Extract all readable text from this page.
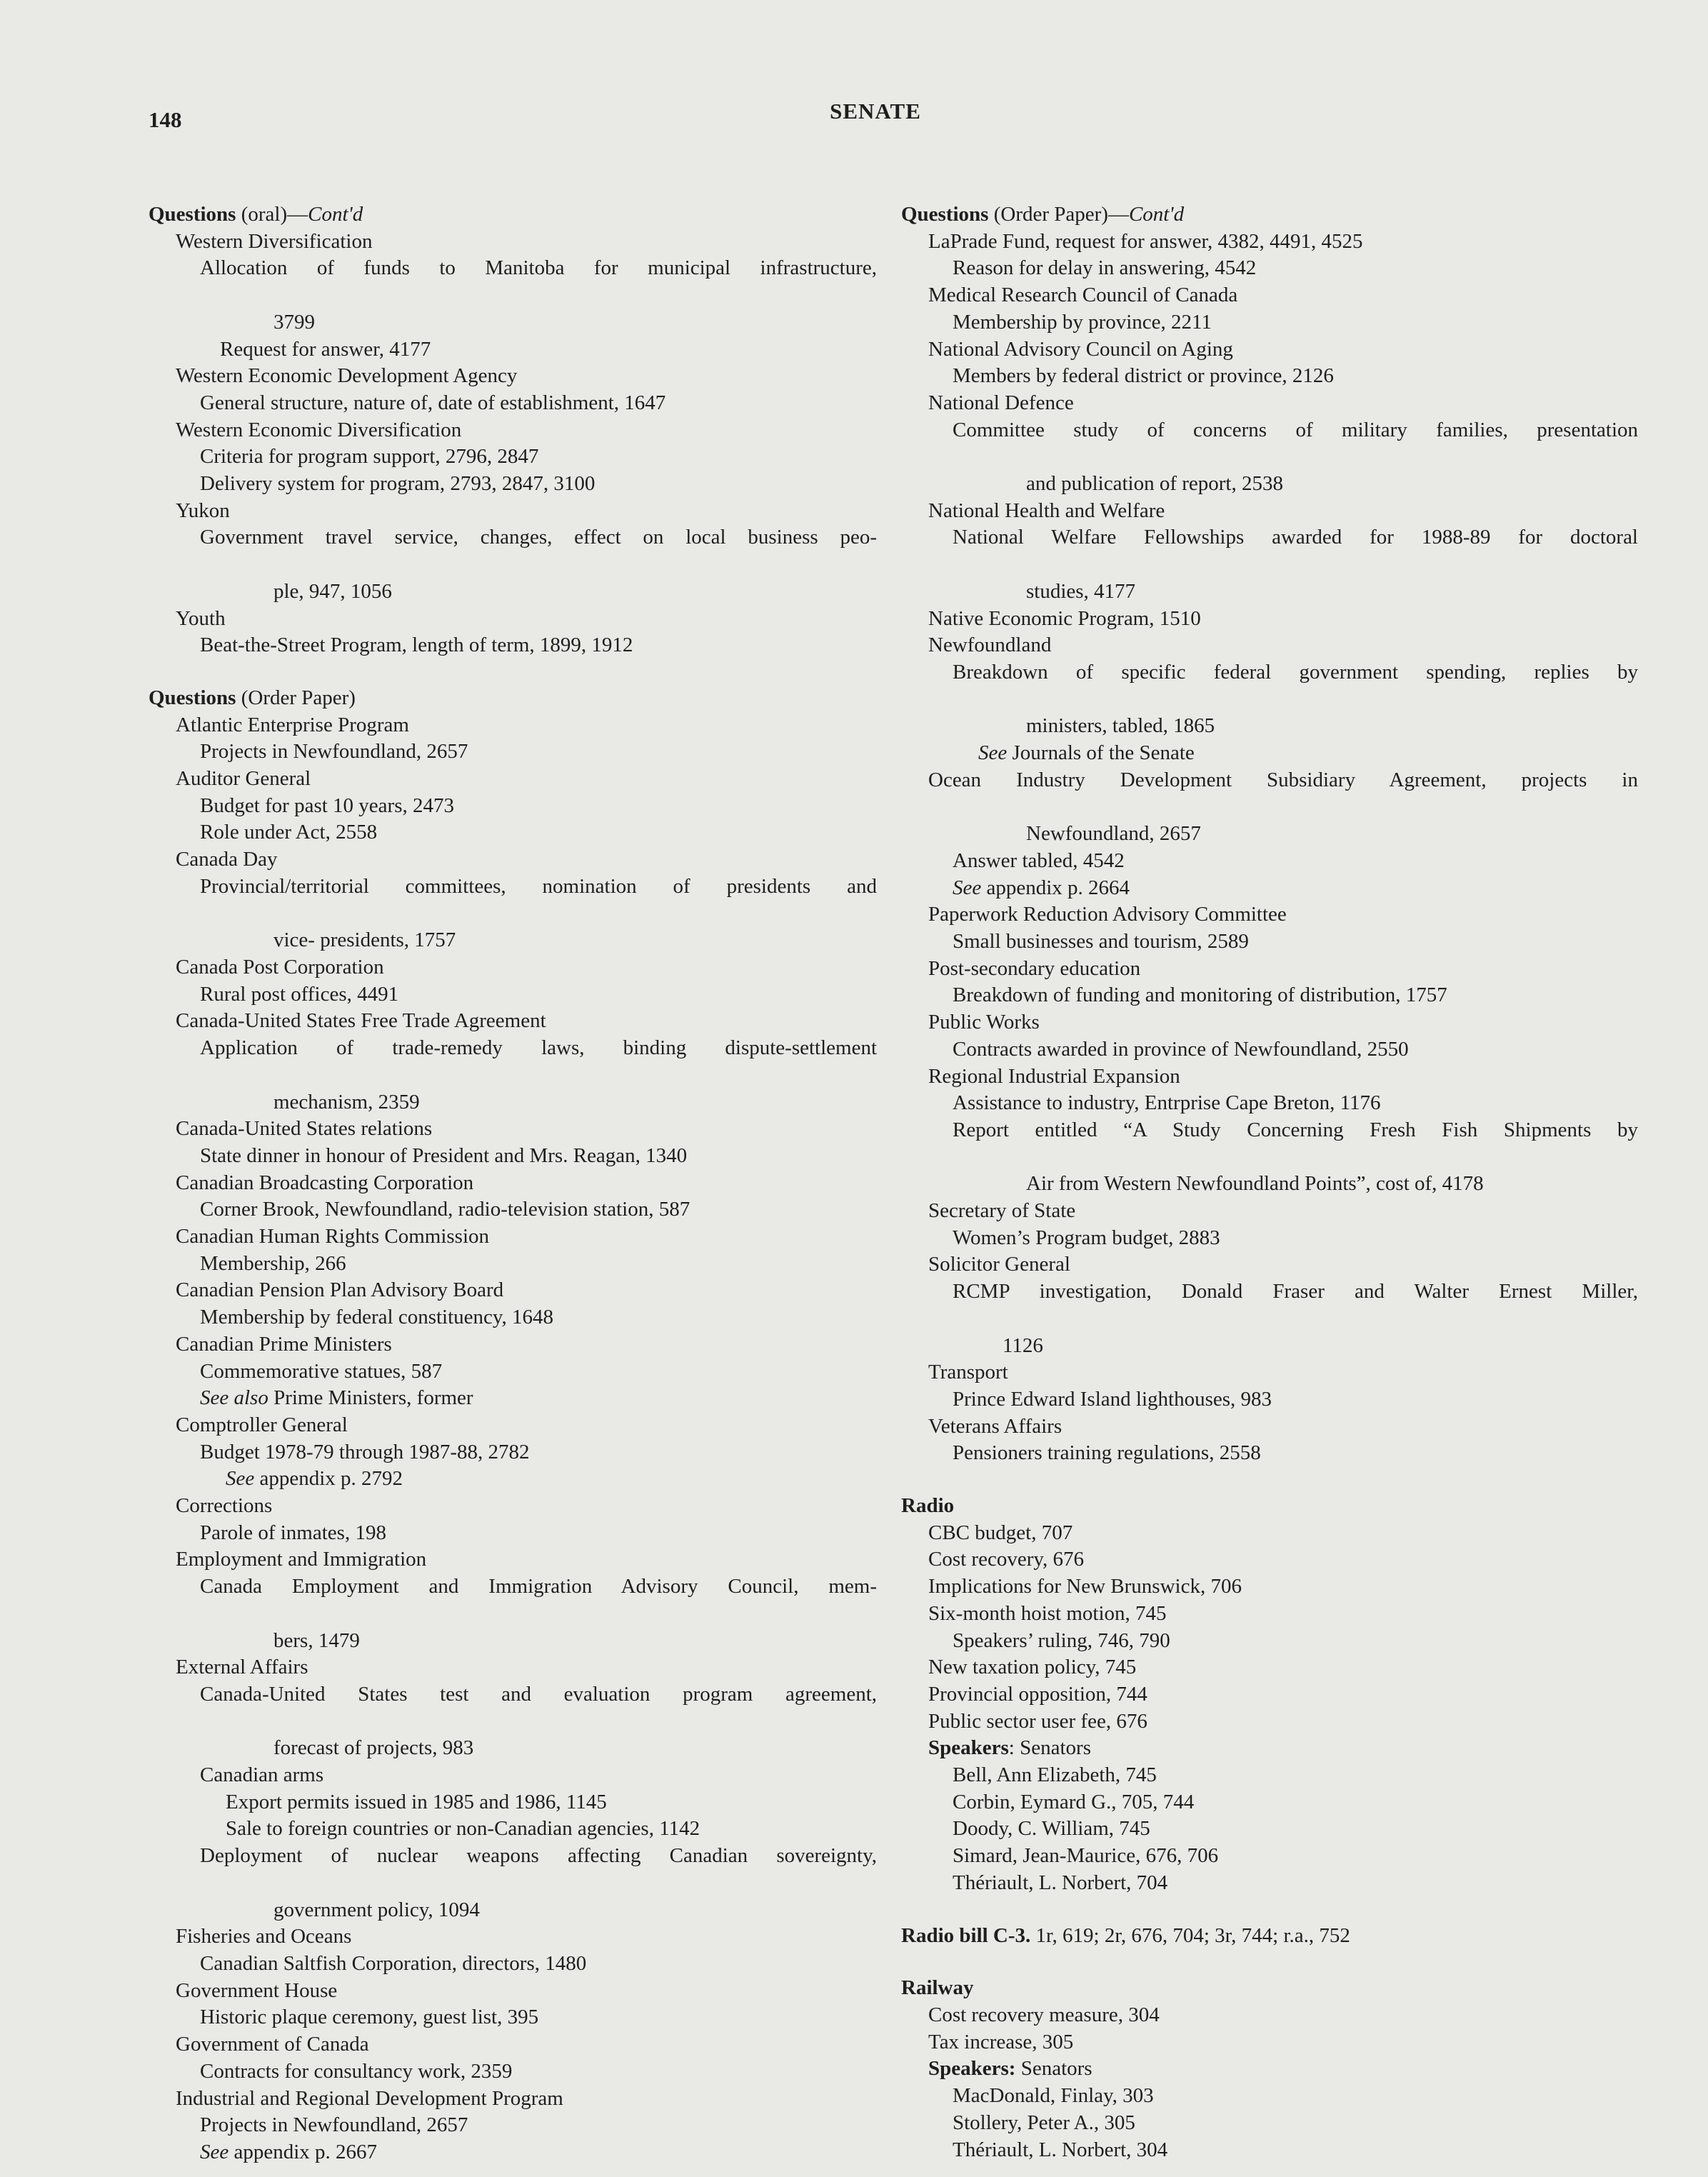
148	SENATE
Questions (oral)—Cont'd
Western Diversification
Allocation of funds to Manitoba for municipal infrastructure,
3799
Request for answer, 4177
Western Economic Development Agency
General structure, nature of, date of establishment, 1647
Western Economic Diversification
Criteria for program support, 2796, 2847
Delivery system for program, 2793, 2847, 3100
Yukon
Government travel service, changes, effect on local business peo-
ple, 947, 1056
Youth
Beat-the-Street Program, length of term, 1899, 1912
Questions (Order Paper)
Atlantic Enterprise Program
Projects in Newfoundland, 2657
Auditor General
Budget for past 10 years, 2473
Role under Act, 2558
Canada Day
Provincial/territorial committees, nomination of presidents and
vice- presidents, 1757
Canada Post Corporation
Rural post offices, 4491
Canada-United States Free Trade Agreement
Application of trade-remedy laws, binding dispute-settlement
mechanism, 2359
Canada-United States relations
State dinner in honour of President and Mrs. Reagan, 1340
Canadian Broadcasting Corporation
Corner Brook, Newfoundland, radio-television station, 587
Canadian Human Rights Commission
Membership, 266
Canadian Pension Plan Advisory Board
Membership by federal constituency, 1648
Canadian Prime Ministers
Commemorative statues, 587
See also Prime Ministers, former
Comptroller General
Budget 1978-79 through 1987-88, 2782
See appendix p. 2792
Corrections
Parole of inmates, 198
Employment and Immigration
Canada Employment and Immigration Advisory Council, mem-
bers, 1479
External Affairs
Canada-United States test and evaluation program agreement,
forecast of projects, 983
Canadian arms
Export permits issued in 1985 and 1986, 1145
Sale to foreign countries or non-Canadian agencies, 1142
Deployment of nuclear weapons affecting Canadian sovereignty,
government policy, 1094
Fisheries and Oceans
Canadian Saltfish Corporation, directors, 1480
Government House
Historic plaque ceremony, guest list, 395
Government of Canada
Contracts for consultancy work, 2359
Industrial and Regional Development Program
Projects in Newfoundland, 2657
See appendix p. 2667
Questions (Order Paper)—Cont'd
LaPrade Fund, request for answer, 4382, 4491, 4525
Reason for delay in answering, 4542
Medical Research Council of Canada
Membership by province, 2211
National Advisory Council on Aging
Members by federal district or province, 2126
National Defence
Committee study of concerns of military families, presentation
and publication of report, 2538
National Health and Welfare
National Welfare Fellowships awarded for 1988-89 for doctoral
studies, 4177
Native Economic Program, 1510
Newfoundland
Breakdown of specific federal government spending, replies by
ministers, tabled, 1865
See Journals of the Senate
Ocean Industry Development Subsidiary Agreement, projects in
Newfoundland, 2657
Answer tabled, 4542
See appendix p. 2664
Paperwork Reduction Advisory Committee
Small businesses and tourism, 2589
Post-secondary education
Breakdown of funding and monitoring of distribution, 1757
Public Works
Contracts awarded in province of Newfoundland, 2550
Regional Industrial Expansion
Assistance to industry, Entrprise Cape Breton, 1176
Report entitled “A Study Concerning Fresh Fish Shipments by
Air from Western Newfoundland Points”, cost of, 4178
Secretary of State
Women’s Program budget, 2883
Solicitor General
RCMP investigation, Donald Fraser and Walter Ernest Miller,
1126
Transport
Prince Edward Island lighthouses, 983
Veterans Affairs
Pensioners training regulations, 2558
Radio
CBC budget, 707
Cost recovery, 676
Implications for New Brunswick, 706
Six-month hoist motion, 745
Speakers’ ruling, 746, 790
New taxation policy, 745
Provincial opposition, 744
Public sector user fee, 676
Speakers: Senators
Bell, Ann Elizabeth, 745
Corbin, Eymard G., 705, 744
Doody, C. William, 745
Simard, Jean-Maurice, 676, 706
Thériault, L. Norbert, 704
Radio bill C-3. 1r, 619; 2r, 676, 704; 3r, 744; r.a., 752
Railway
Cost recovery measure, 304
Tax increase, 305
Speakers: Senators
MacDonald, Finlay, 303
Stollery, Peter A., 305
Thériault, L. Norbert, 304
